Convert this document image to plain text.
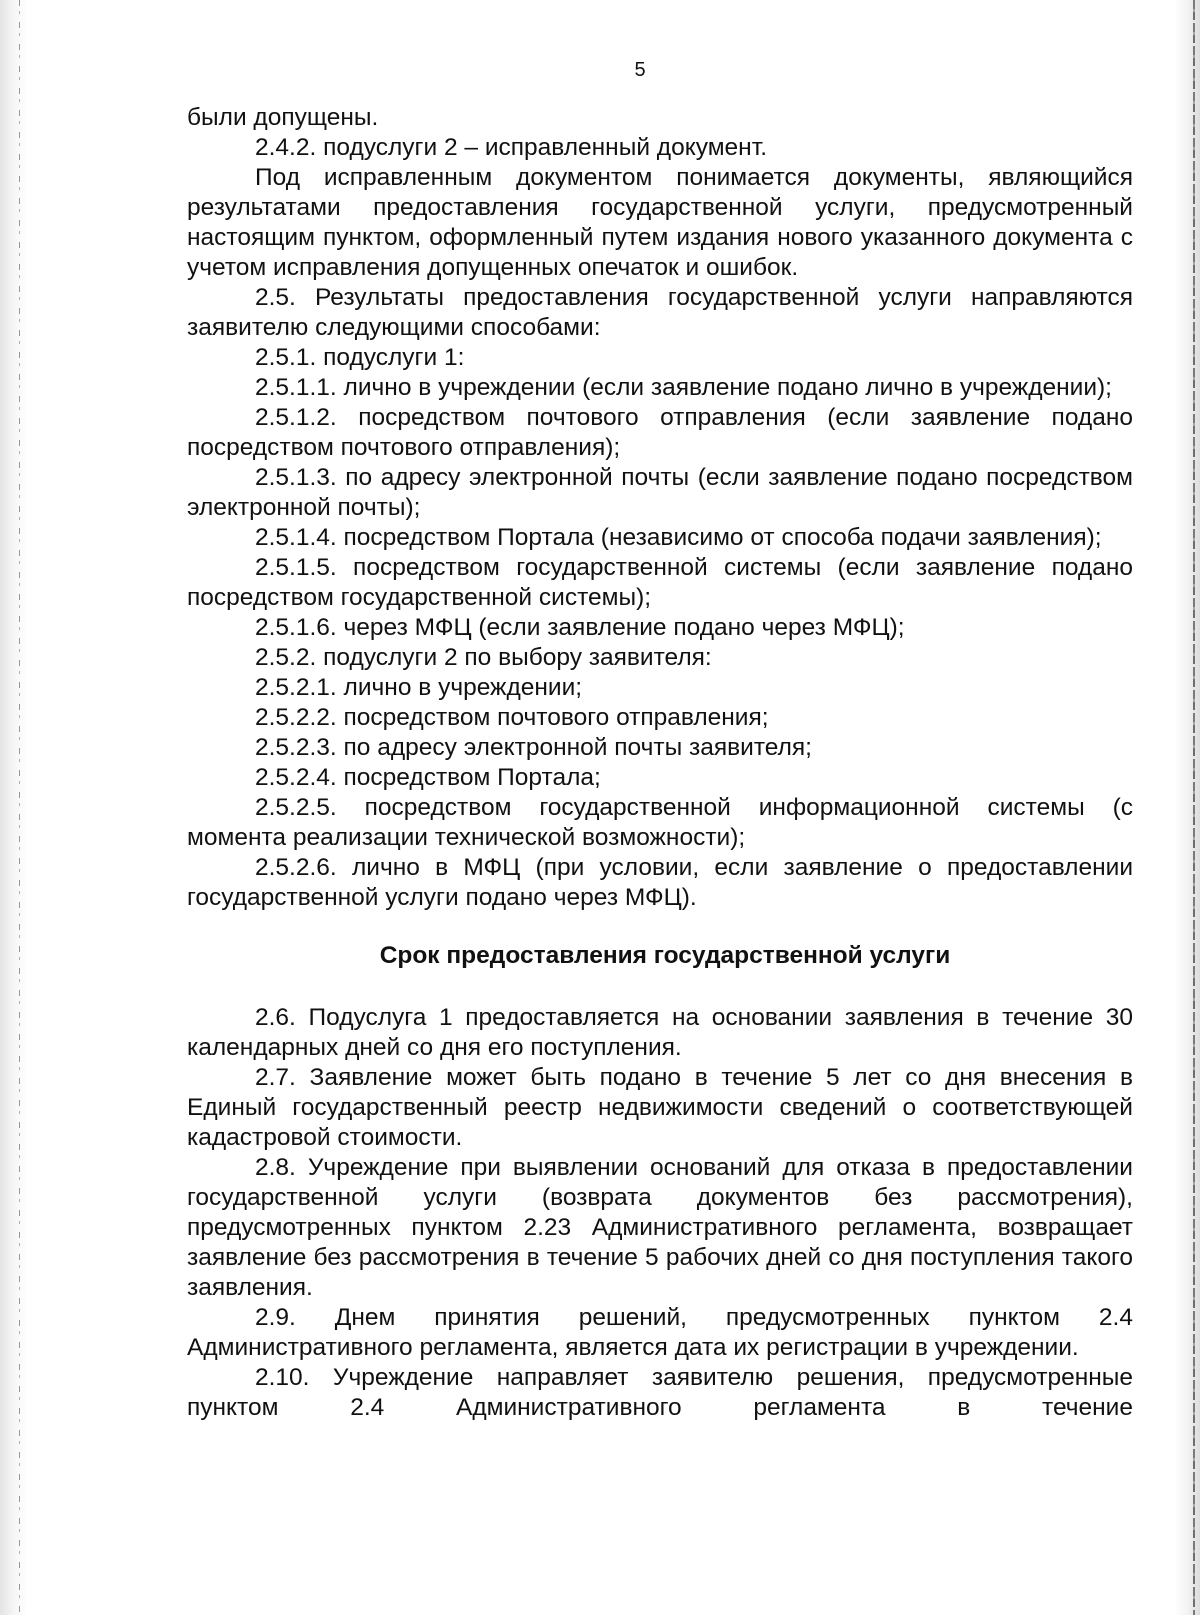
5

были допущены.

2.4.2. подуслуги 2 – исправленный документ.

Под исправленным документом понимается документы, являющийся результатами предоставления государственной услуги, предусмотренный настоящим пунктом, оформленный путем издания нового указанного документа с учетом исправления допущенных опечаток и ошибок.

2.5. Результаты предоставления государственной услуги направляются заявителю следующими способами:

2.5.1. подуслуги 1:

2.5.1.1. лично в учреждении (если заявление подано лично в учреждении);

2.5.1.2. посредством почтового отправления (если заявление подано посредством почтового отправления);

2.5.1.3. по адресу электронной почты (если заявление подано посредством электронной почты);

2.5.1.4. посредством Портала (независимо от способа подачи заявления);

2.5.1.5. посредством государственной системы (если заявление подано посредством государственной системы);

2.5.1.6. через МФЦ (если заявление подано через МФЦ);

2.5.2. подуслуги 2 по выбору заявителя:

2.5.2.1. лично в учреждении;

2.5.2.2. посредством почтового отправления;

2.5.2.3. по адресу электронной почты заявителя;

2.5.2.4. посредством Портала;

2.5.2.5. посредством государственной информационной системы (с момента реализации технической возможности);

2.5.2.6. лично в МФЦ (при условии, если заявление о предоставлении государственной услуги подано через МФЦ).

Срок предоставления государственной услуги

2.6. Подуслуга 1 предоставляется на основании заявления в течение 30 календарных дней со дня его поступления.

2.7. Заявление может быть подано в течение 5 лет со дня внесения в Единый государственный реестр недвижимости сведений о соответствующей кадастровой стоимости.

2.8. Учреждение при выявлении оснований для отказа в предоставлении государственной услуги (возврата документов без рассмотрения), предусмотренных пунктом 2.23 Административного регламента, возвращает заявление без рассмотрения в течение 5 рабочих дней со дня поступления такого заявления.

2.9. Днем принятия решений, предусмотренных пунктом 2.4 Административного регламента, является дата их регистрации в учреждении.

2.10. Учреждение направляет заявителю решения, предусмотренные пунктом 2.4 Административного регламента в течение
